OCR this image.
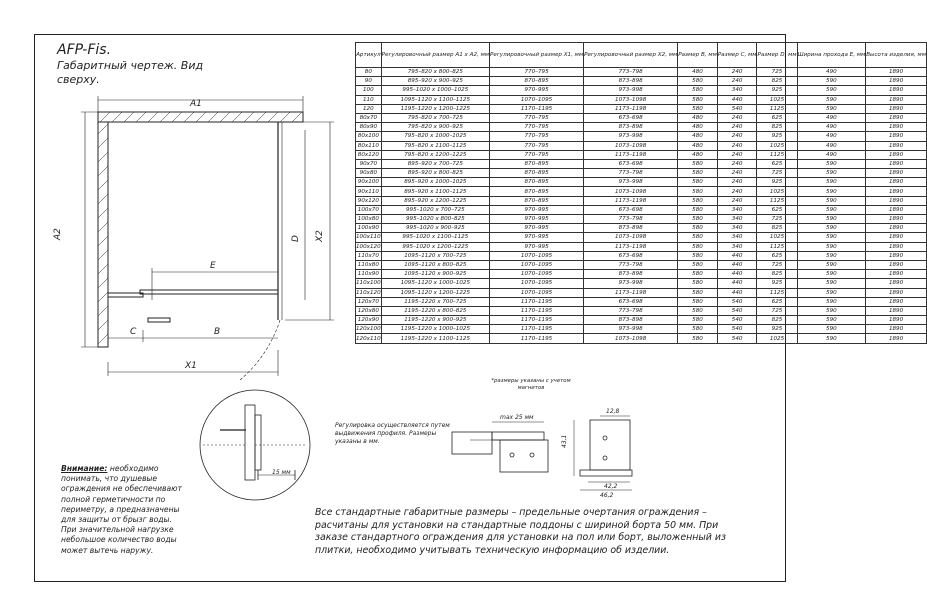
AFP-Fis.
Габаритный чертеж. Вид сверху.
A1
A2
X1
X2
D
E
C	B
15 мм
max 25 мм
12,8
43,1
42,2
46,2
Артикул	Регулировочный размер A1 x A2, мм	Регулировочный размер X1, мм	Регулировочный размер X2, мм	Размер B, мм	Размер C, мм	Размер D, мм	Ширина прохода E, мм	Высота изделия, мм
80	795–820 x 800–825	770–795	773–798	480	240	725	490	1890
90	895–920 x 900–925	870–895	873–898	580	240	825	590	1890
100	995–1020 x 1000–1025	970–995	973–998	580	340	925	590	1890
110	1095–1120 x 1100–1125	1070–1095	1073–1098	580	440	1025	590	1890
120	1195–1220 x 1200–1225	1170–1195	1173–1198	580	540	1125	590	1890
80x70	795–820 x 700–725	770–795	673–698	480	240	625	490	1890
80x90	795–820 x 900–925	770–795	873–898	480	240	825	490	1890
80x100	795–820 x 1000–1025	770–795	973–998	480	240	925	490	1890
80x110	795–820 x 1100–1125	770–795	1073–1098	480	240	1025	490	1890
80x120	795–820 x 1200–1225	770–795	1173–1198	480	240	1125	490	1890
90x70	895–920 x 700–725	870–895	673–698	580	240	625	590	1890
90x80	895–920 x 800–825	870–895	773–798	580	240	725	590	1890
90x100	895–920 x 1000–1025	870–895	973–998	580	240	925	590	1890
90x110	895–920 x 1100–1125	870–895	1073–1098	580	240	1025	590	1890
90x120	895–920 x 1200–1225	870–895	1173–1198	580	240	1125	590	1890
100x70	995–1020 x 700–725	970–995	673–698	580	340	625	590	1890
100x80	995–1020 x 800–825	970–995	773–798	580	340	725	590	1890
100x90	995–1020 x 900–925	970–995	873–898	580	340	825	590	1890
100x110	995–1020 x 1100–1125	970–995	1073–1098	580	340	1025	590	1890
100x120	995–1020 x 1200–1225	970–995	1173–1198	580	340	1125	590	1890
110x70	1095–1120 x 700–725	1070–1095	673–698	580	440	625	590	1890
110x80	1095–1120 x 800–825	1070–1095	773–798	580	440	725	590	1890
110x90	1095–1120 x 900–925	1070–1095	873–898	580	440	825	590	1890
110x100	1095–1120 x 1000–1025	1070–1095	973–998	580	440	925	590	1890
110x120	1095–1120 x 1200–1225	1070–1095	1173–1198	580	440	1125	590	1890
120x70	1195–1220 x 700–725	1170–1195	673–698	580	540	625	590	1890
120x80	1195–1220 x 800–825	1170–1195	773–798	580	540	725	590	1890
120x90	1195–1220 x 900–925	1170–1195	873–898	580	540	825	590	1890
120x100	1195–1220 x 1000–1025	1170–1195	973–998	580	540	925	590	1890
120x110	1195–1220 x 1100–1125	1170–1195	1073–1098	580	540	1025	590	1890
*размеры указаны с учетом магнитов
Регулировка осуществляется путем выдвижения профиля. Размеры указаны в мм.
Внимание: необходимо понимать, что душевые ограждения не обеспечивают полной герметичности по периметру, а предназначены для защиты от брызг воды. При значительной нагрузке небольшое количество воды может вытечь наружу.
Все стандартные габаритные размеры – предельные очертания ограждения – расчитаны для установки на стандартные поддоны с шириной борта 50 мм. При заказе стандартного ограждения для установки на пол или борт, выложенный из плитки, необходимо учитывать техническую информацию об изделии.
